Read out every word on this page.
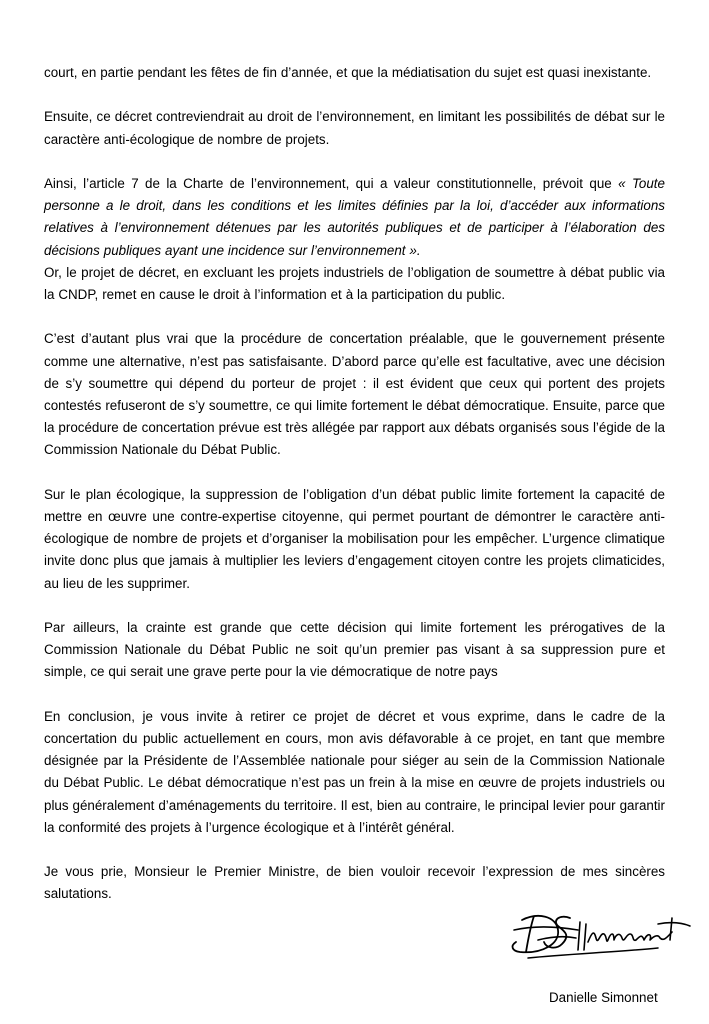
court, en partie pendant les fêtes de fin d’année, et que la médiatisation du sujet est quasi inexistante.

Ensuite, ce décret contreviendrait au droit de l’environnement, en limitant les possibilités de débat sur le caractère anti-écologique de nombre de projets.

Ainsi, l’article 7 de la Charte de l’environnement, qui a valeur constitutionnelle, prévoit que « Toute personne a le droit, dans les conditions et les limites définies par la loi, d’accéder aux informations relatives à l’environnement détenues par les autorités publiques et de participer à l’élaboration des décisions publiques ayant une incidence sur l’environnement ».

Or, le projet de décret, en excluant les projets industriels de l’obligation de soumettre à débat public via la CNDP, remet en cause le droit à l’information et à la participation du public.

C’est d’autant plus vrai que la procédure de concertation préalable, que le gouvernement présente comme une alternative, n’est pas satisfaisante. D’abord parce qu’elle est facultative, avec une décision de s’y soumettre qui dépend du porteur de projet : il est évident que ceux qui portent des projets contestés refuseront de s’y soumettre, ce qui limite fortement le débat démocratique. Ensuite, parce que la procédure de concertation prévue est très allégée par rapport aux débats organisés sous l’égide de la Commission Nationale du Débat Public.

Sur le plan écologique, la suppression de l’obligation d’un débat public limite fortement la capacité de mettre en œuvre une contre-expertise citoyenne, qui permet pourtant de démontrer le caractère anti-écologique de nombre de projets et d’organiser la mobilisation pour les empêcher. L’urgence climatique invite donc plus que jamais à multiplier les leviers d’engagement citoyen contre les projets climaticides, au lieu de les supprimer.

Par ailleurs, la crainte est grande que cette décision qui limite fortement les prérogatives de la Commission Nationale du Débat Public ne soit qu’un premier pas visant à sa suppression pure et simple, ce qui serait une grave perte pour la vie démocratique de notre pays

En conclusion, je vous invite à retirer ce projet de décret et vous exprime, dans le cadre de la concertation du public actuellement en cours, mon avis défavorable à ce projet, en tant que membre désignée par la Présidente de l’Assemblée nationale pour siéger au sein de la Commission Nationale du Débat Public. Le débat démocratique n’est pas un frein à la mise en œuvre de projets industriels ou plus généralement d’aménagements du territoire. Il est, bien au contraire, le principal levier pour garantir la conformité des projets à l’urgence écologique et à l’intérêt général.

Je vous prie, Monsieur le Premier Ministre, de bien vouloir recevoir l’expression de mes sincères salutations.

Danielle Simonnet
